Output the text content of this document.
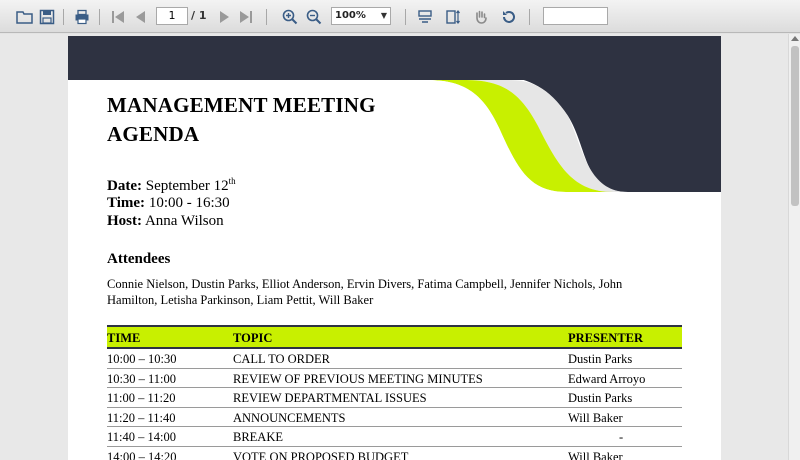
1	/ 1	100% ▼
MANAGEMENT MEETING AGENDA
Date: September 12th
Time: 10:00 - 16:30
Host: Anna Wilson
Attendees
Connie Nielson, Dustin Parks, Elliot Anderson, Ervin Divers, Fatima Campbell, Jennifer Nichols, John Hamilton, Letisha Parkinson, Liam Pettit, Will Baker
TIME	TOPIC	PRESENTER
10:00 – 10:30	CALL TO ORDER	Dustin Parks
10:30 – 11:00	REVIEW OF PREVIOUS MEETING MINUTES	Edward Arroyo
11:00 – 11:20	REVIEW DEPARTMENTAL ISSUES	Dustin Parks
11:20 – 11:40	ANNOUNCEMENTS	Will Baker
11:40 – 14:00	BREAKE	-
14:00 – 14:20	VOTE ON PROPOSED BUDGET	Will Baker
